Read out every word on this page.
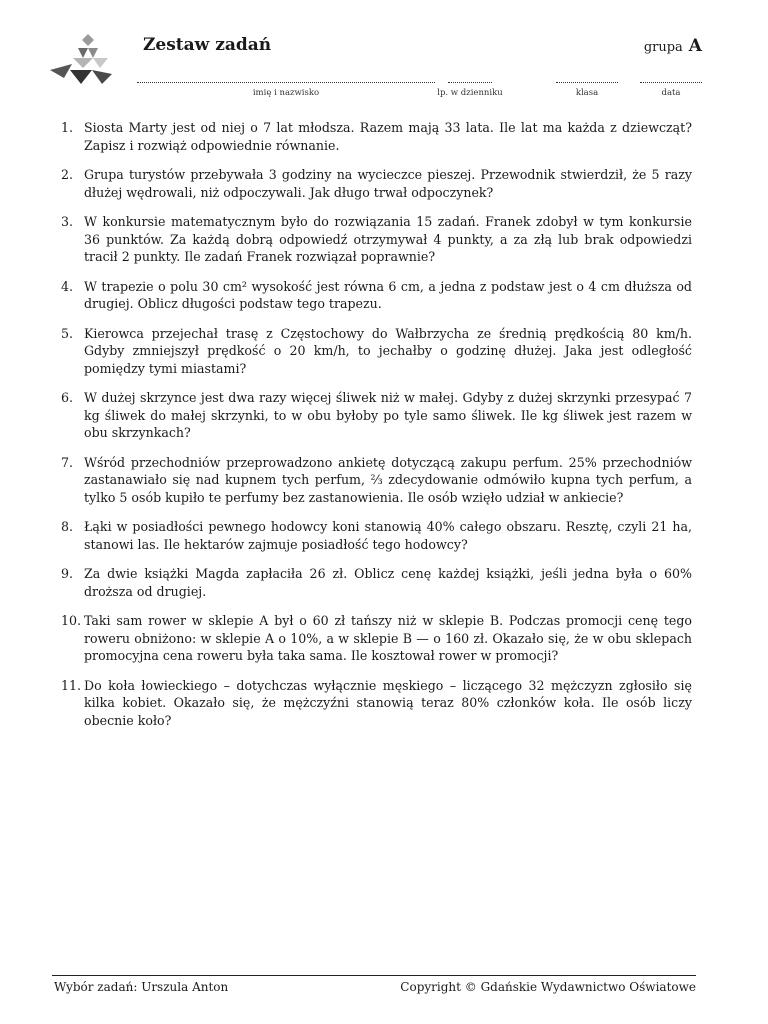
Zestaw zadań	grupa A
imię i nazwisko	lp. w dzienniku	klasa	data
1. Siosta Marty jest od niej o 7 lat młodsza. Razem mają 33 lata. Ile lat ma każda z dziewcząt? Zapisz i rozwiąż odpowiednie równanie.
2. Grupa turystów przebywała 3 godziny na wycieczce pieszej. Przewodnik stwierdził, że 5 razy dłużej wędrowali, niż odpoczywali. Jak długo trwał odpoczynek?
3. W konkursie matematycznym było do rozwiązania 15 zadań. Franek zdobył w tym konkursie 36 punktów. Za każdą dobrą odpowiedź otrzymywał 4 punkty, a za złą lub brak odpowiedzi tracił 2 punkty. Ile zadań Franek rozwiązał poprawnie?
4. W trapezie o polu 30 cm² wysokość jest równa 6 cm, a jedna z podstaw jest o 4 cm dłuższa od drugiej. Oblicz długości podstaw tego trapezu.
5. Kierowca przejechał trasę z Częstochowy do Wałbrzycha ze średnią prędkością 80 km/h. Gdyby zmniejszył prędkość o 20 km/h, to jechałby o godzinę dłużej. Jaka jest odległość pomiędzy tymi miastami?
6. W dużej skrzynce jest dwa razy więcej śliwek niż w małej. Gdyby z dużej skrzynki przesypać 7 kg śliwek do małej skrzynki, to w obu byłoby po tyle samo śliwek. Ile kg śliwek jest razem w obu skrzynkach?
7. Wśród przechodniów przeprowadzono ankietę dotyczącą zakupu perfum. 25% przechodniów zastanawiało się nad kupnem tych perfum, ⅔ zdecydowanie odmówiło kupna tych perfum, a tylko 5 osób kupiło te perfumy bez zastanowienia. Ile osób wzięło udział w ankiecie?
8. Łąki w posiadłości pewnego hodowcy koni stanowią 40% całego obszaru. Resztę, czyli 21 ha, stanowi las. Ile hektarów zajmuje posiadłość tego hodowcy?
9. Za dwie książki Magda zapłaciła 26 zł. Oblicz cenę każdej książki, jeśli jedna była o 60% droższa od drugiej.
10. Taki sam rower w sklepie A był o 60 zł tańszy niż w sklepie B. Podczas promocji cenę tego roweru obniżono: w sklepie A o 10%, a w sklepie B — o 160 zł. Okazało się, że w obu sklepach promocyjna cena roweru była taka sama. Ile kosztował rower w promocji?
11. Do koła łowieckiego – dotychczas wyłącznie męskiego – liczącego 32 mężczyzn zgłosiło się kilka kobiet. Okazało się, że mężczyźni stanowią teraz 80% członków koła. Ile osób liczy obecnie koło?
Wybór zadań: Urszula Anton	Copyright © Gdańskie Wydawnictwo Oświatowe
